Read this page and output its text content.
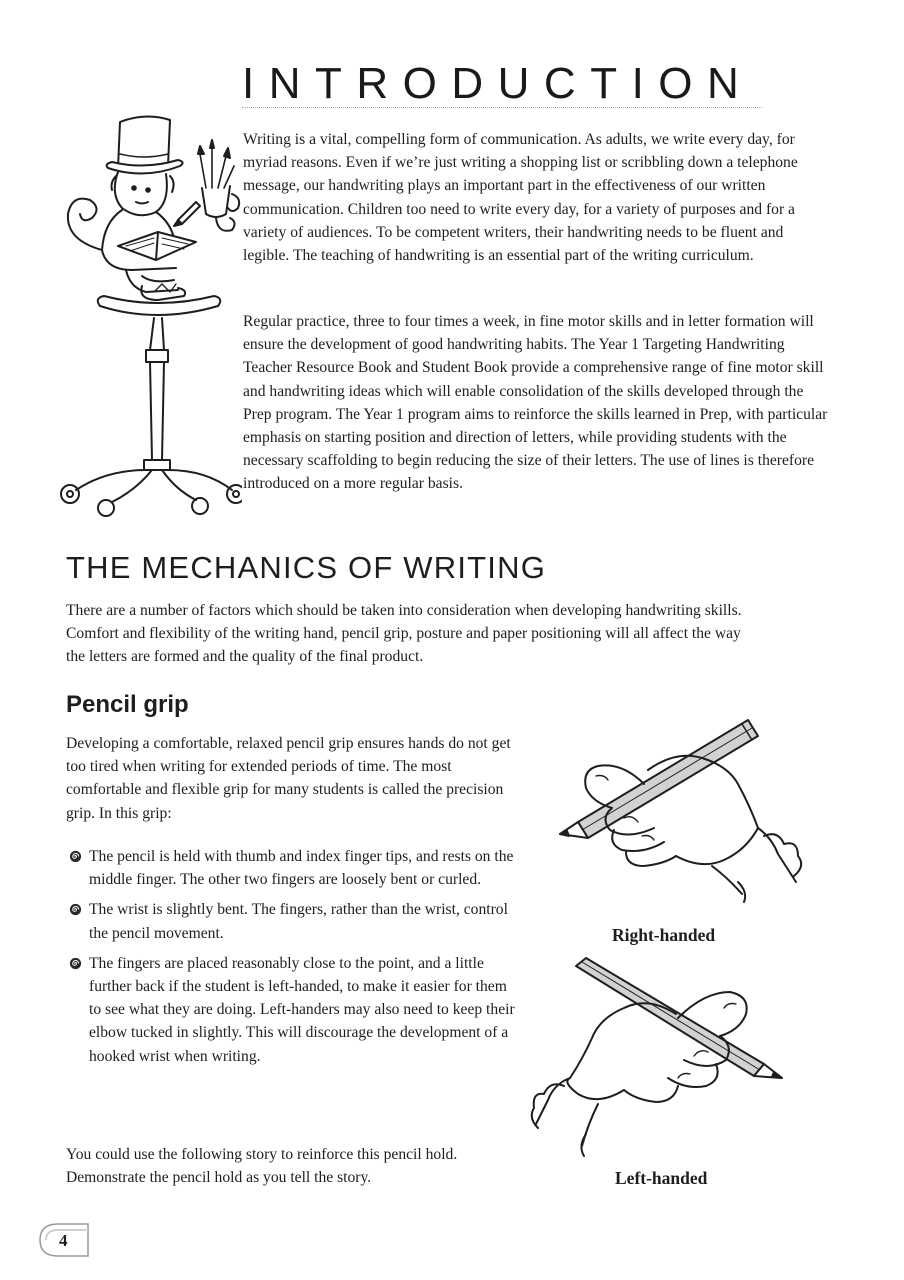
INTRODUCTION

Writing is a vital, compelling form of communication. As adults, we write every day, for myriad reasons. Even if we’re just writing a shopping list or scribbling down a telephone message, our handwriting plays an important part in the effectiveness of our written communication. Children too need to write every day, for a variety of purposes and for a variety of audiences. To be competent writers, their handwriting needs to be fluent and legible. The teaching of handwriting is an essential part of the writing curriculum.

Regular practice, three to four times a week, in fine motor skills and in letter formation will ensure the development of good handwriting habits. The Year 1 Targeting Handwriting Teacher Resource Book and Student Book provide a comprehensive range of fine motor skill and handwriting ideas which will enable consolidation of the skills developed through the Prep program. The Year 1 program aims to reinforce the skills learned in Prep, with particular emphasis on starting position and direction of letters, while providing students with the necessary scaffolding to begin reducing the size of their letters. The use of lines is therefore introduced on a more regular basis.

THE MECHANICS OF WRITING

There are a number of factors which should be taken into consideration when developing handwriting skills. Comfort and flexibility of the writing hand, pencil grip, posture and paper positioning will all affect the way the letters are formed and the quality of the final product.

Pencil grip

Developing a comfortable, relaxed pencil grip ensures hands do not get too tired when writing for extended periods of time. The most comfortable and flexible grip for many students is called the precision grip. In this grip:

The pencil is held with thumb and index finger tips, and rests on the middle finger. The other two fingers are loosely bent or curled.
The wrist is slightly bent. The fingers, rather than the wrist, control the pencil movement.
The fingers are placed reasonably close to the point, and a little further back if the student is left-handed, to make it easier for them to see what they are doing. Left-handers may also need to keep their elbow tucked in slightly. This will discourage the development of a hooked wrist when writing.

You could use the following story to reinforce this pencil hold. Demonstrate the pencil hold as you tell the story.

Right-handed

Left-handed

4
